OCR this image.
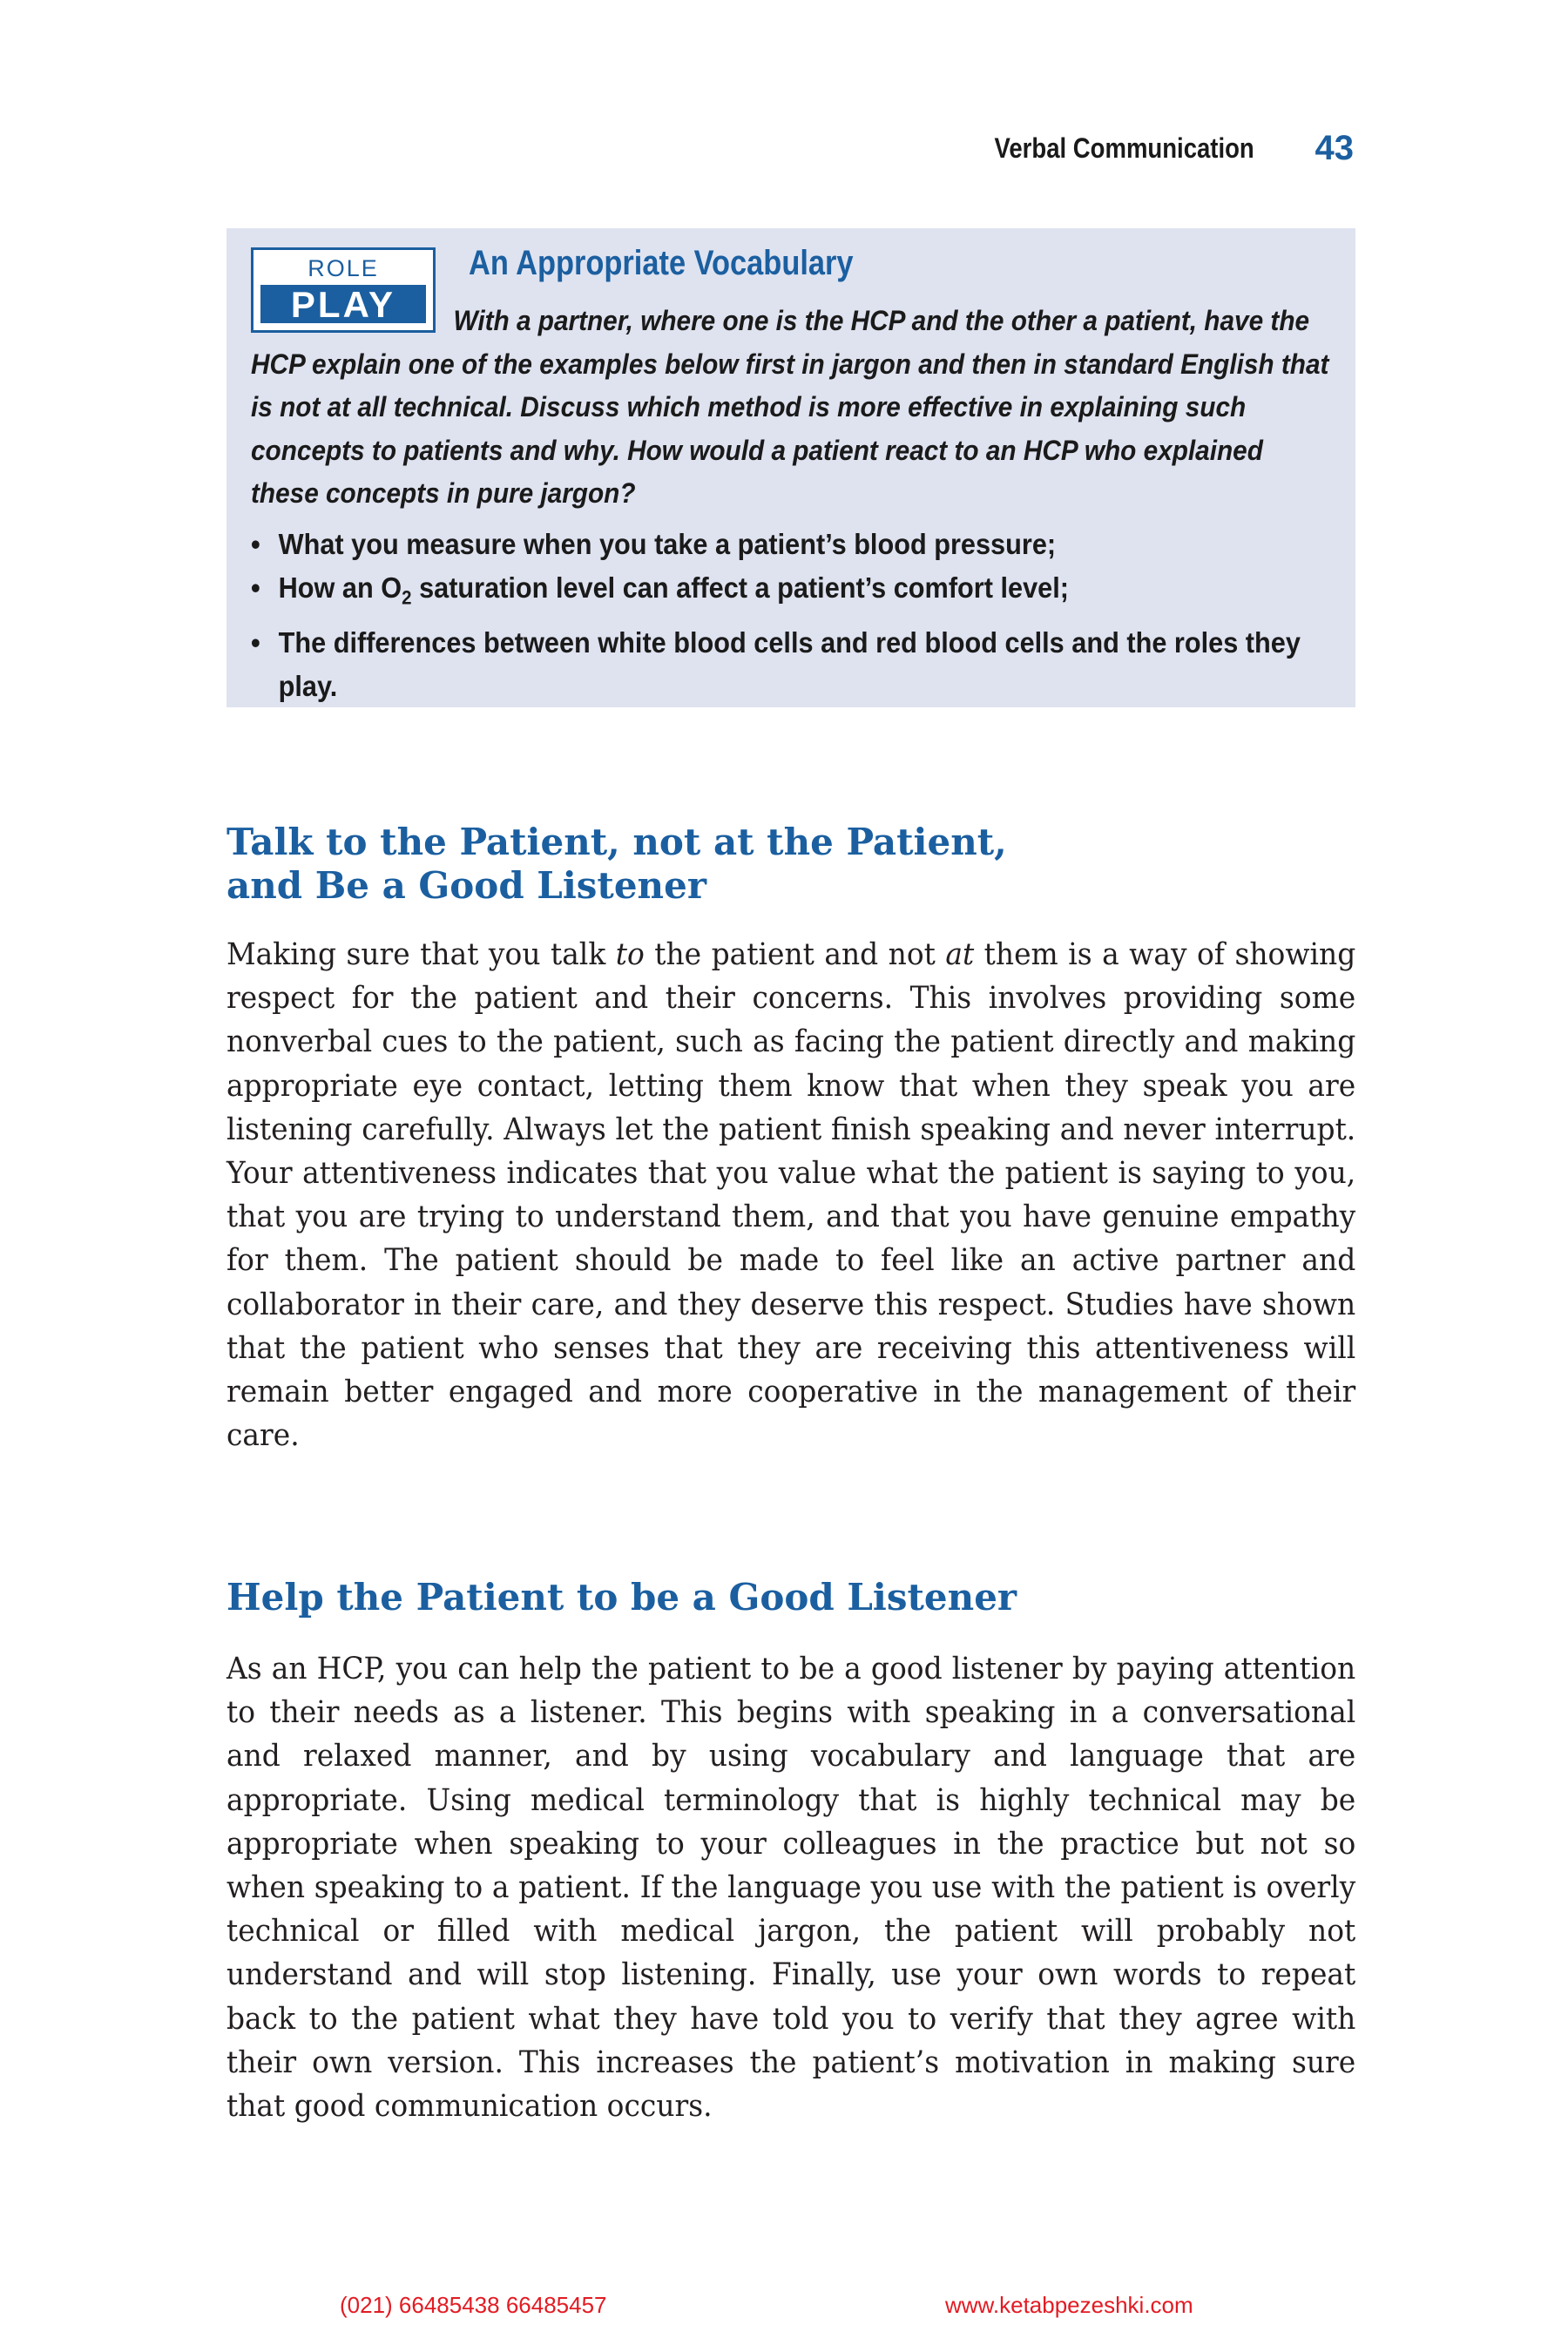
Verbal Communication 43
ROLE
PLAY
An Appropriate Vocabulary

With a partner, where one is the HCP and the other a patient, have the HCP explain one of the examples below first in jargon and then in standard English that is not at all technical. Discuss which method is more effective in explaining such concepts to patients and why. How would a patient react to an HCP who explained these concepts in pure jargon?

• What you measure when you take a patient’s blood pressure;
• How an $O_2$ saturation level can affect a patient’s comfort level;
• The differences between white blood cells and red blood cells and the roles they play.
Talk to the Patient, not at the Patient,
and Be a Good Listener

Making sure that you talk to the patient and not at them is a way of showing respect for the patient and their concerns. This involves providing some nonverbal cues to the patient, such as facing the patient directly and making appropriate eye contact, letting them know that when they speak you are listening carefully. Always let the patient finish speaking and never interrupt. Your attentiveness indicates that you value what the patient is saying to you, that you are trying to understand them, and that you have genuine empathy for them. The patient should be made to feel like an active partner and collaborator in their care, and they deserve this respect. Studies have shown that the patient who senses that they are receiving this attentiveness will remain better engaged and more cooperative in the management of their care.

Help the Patient to be a Good Listener

As an HCP, you can help the patient to be a good listener by paying attention to their needs as a listener. This begins with speaking in a conversational and relaxed manner, and by using vocabulary and language that are appropriate. Using medical terminology that is highly technical may be appropriate when speaking to your colleagues in the practice but not so when speaking to a patient. If the language you use with the patient is overly technical or filled with medical jargon, the patient will probably not understand and will stop listening. Finally, use your own words to repeat back to the patient what they have told you to verify that they agree with their own version. This increases the patient’s motivation in making sure that good communication occurs.

(021) 66485438 66485457	www.ketabpezeshki.com
